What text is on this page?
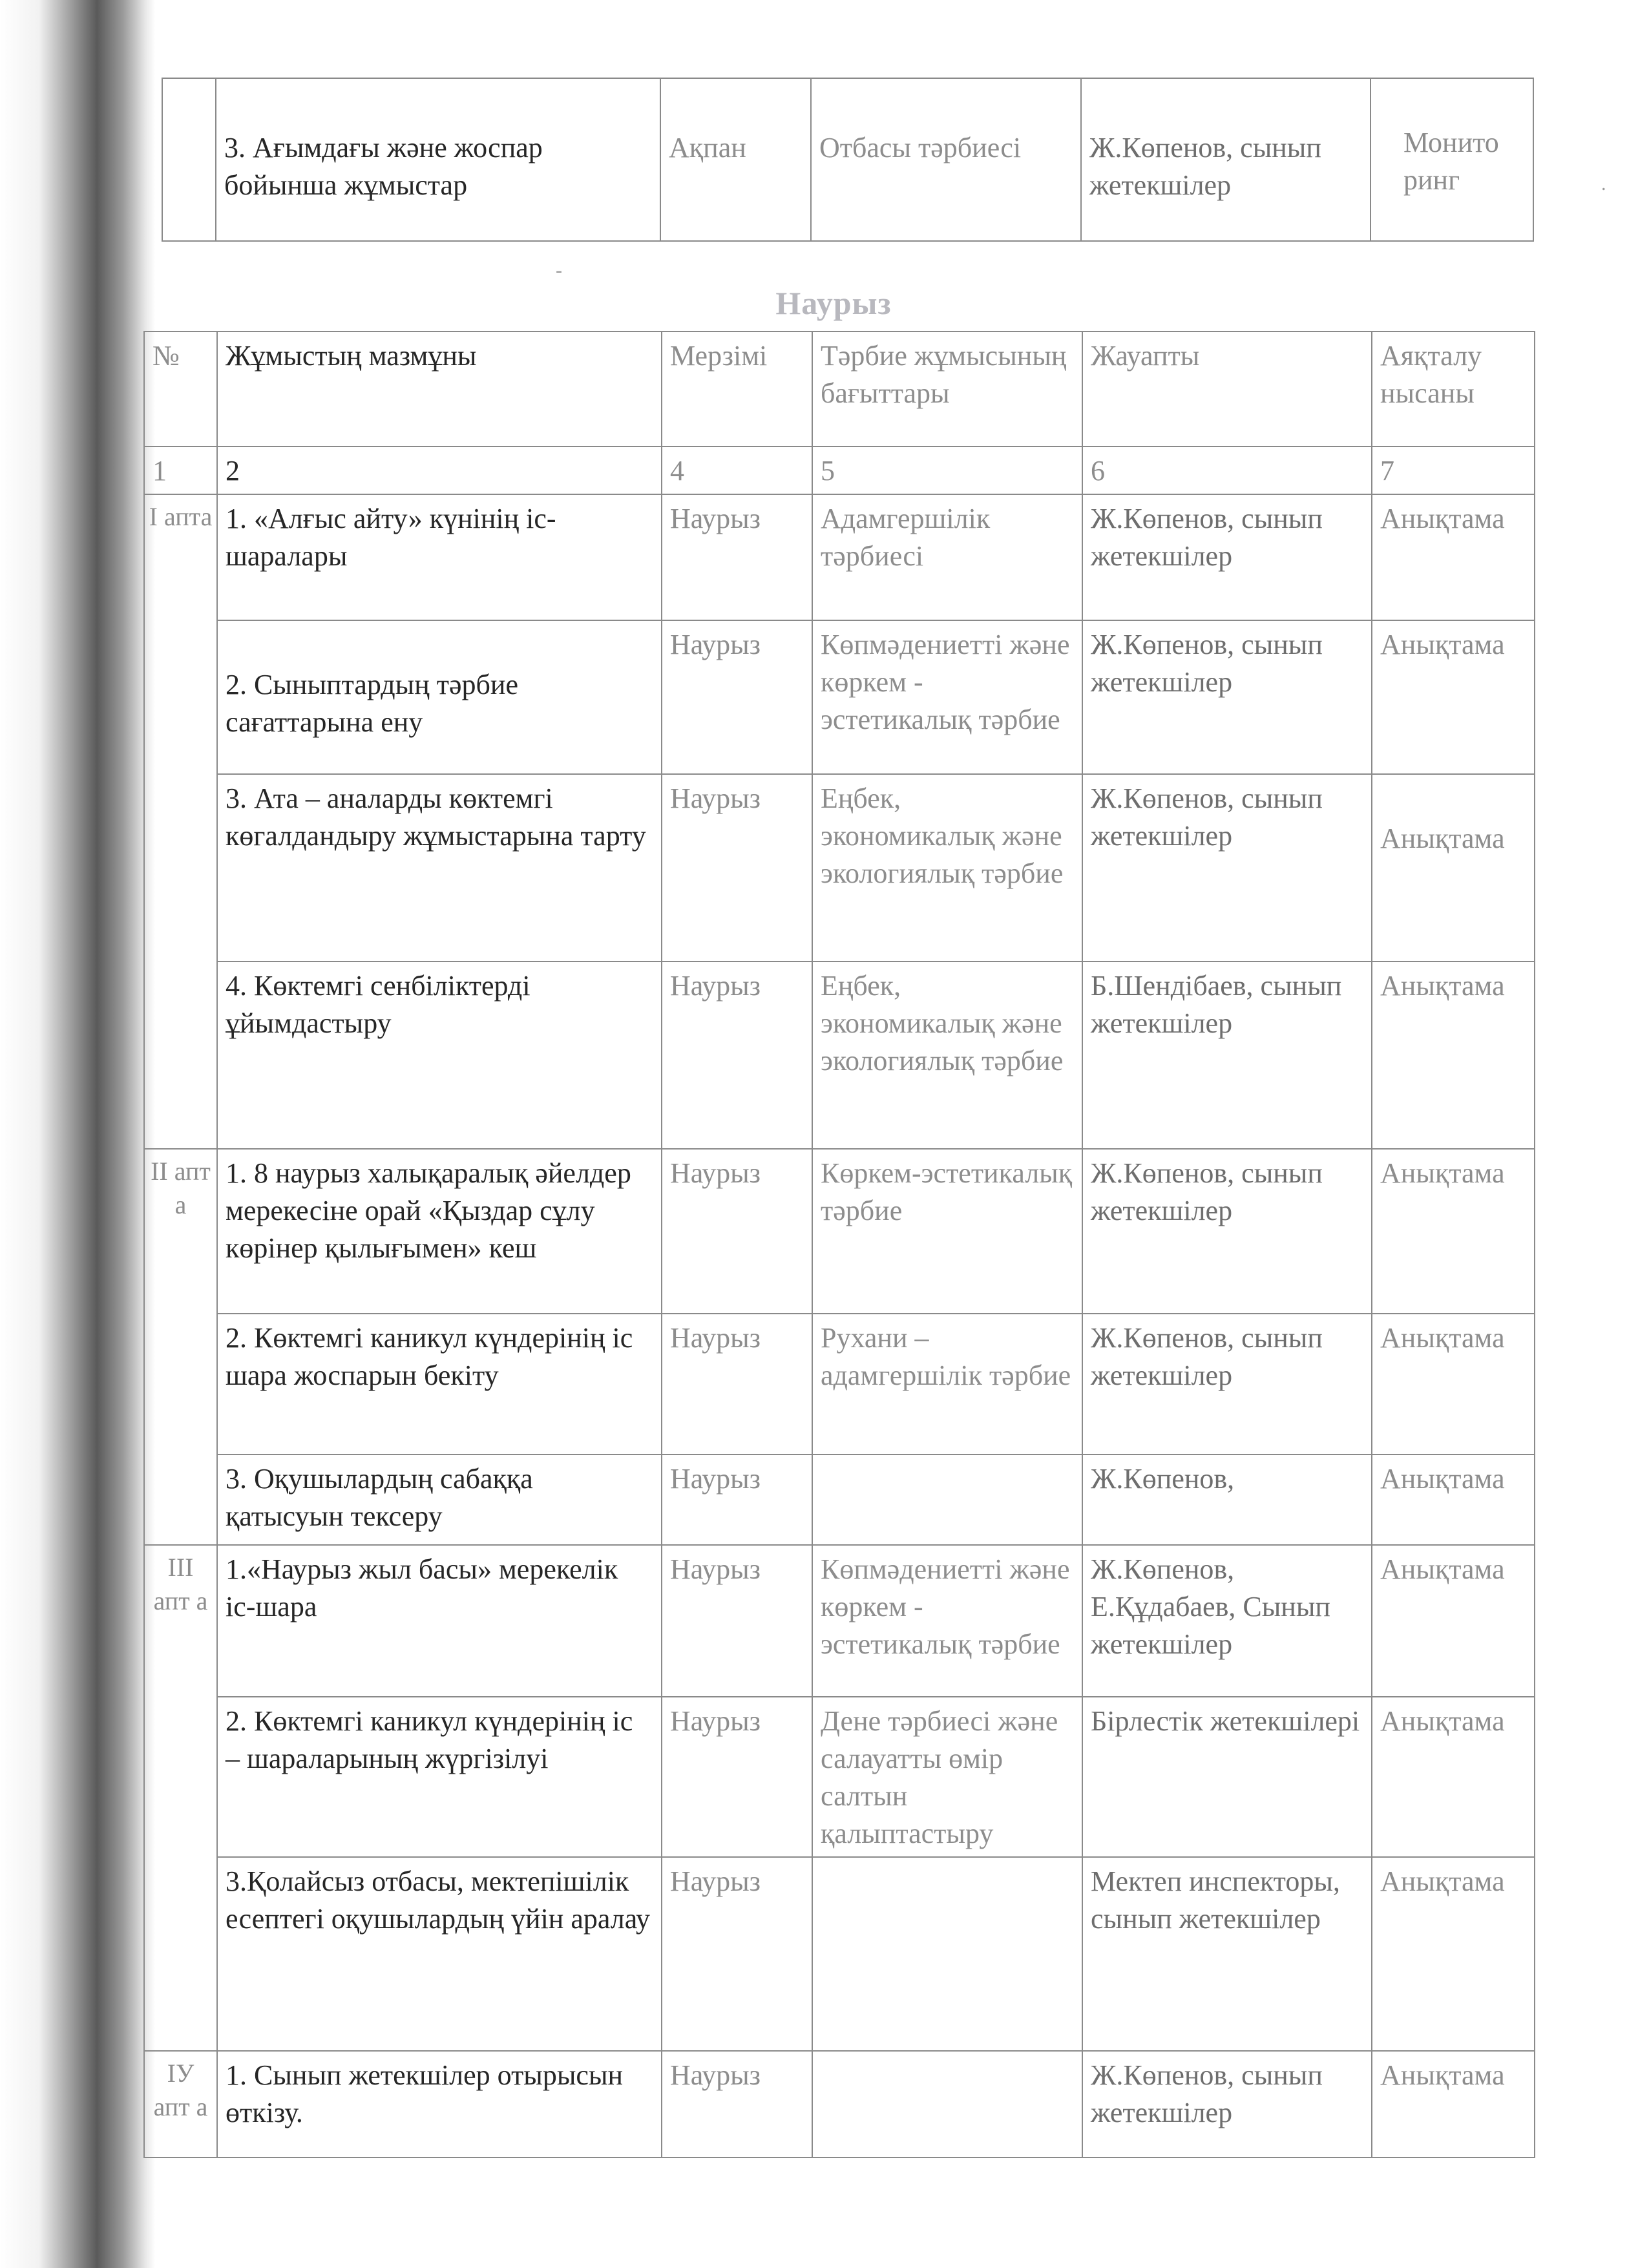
	3. Ағымдағы және жоспар бойынша жұмыстар	Ақпан	Отбасы тәрбиесі	Ж.Көпенов, сынып жетекшілер	Монито ринг
-
.
Наурыз
№	Жұмыстың мазмұны	Мерзімі	Тәрбие жұмысының бағыттары	Жауапты	Аяқталу нысаны
1	2	4	5	6	7
І апта	1. «Алғыс айту» күнінің іс-шаралары	Наурыз	Адамгершілік тәрбиесі	Ж.Көпенов, сынып жетекшілер	Анықтама
	2. Сыныптардың тәрбие сағаттарына ену	Наурыз	Көпмәдениетті және көркем - эстетикалық тәрбие	Ж.Көпенов, сынып жетекшілер	Анықтама
	3. Ата – аналарды көктемгі көгалдандыру жұмыстарына тарту	Наурыз	Еңбек, экономикалық және экологиялық тәрбие	Ж.Көпенов, сынып жетекшілер	Анықтама
	4. Көктемгі сенбіліктерді ұйымдастыру	Наурыз	Еңбек, экономикалық және экологиялық тәрбие	Б.Шендібаев, сынып жетекшілер	Анықтама
ІІ апт а	1. 8 наурыз халықаралық әйелдер мерекесіне орай «Қыздар сұлу көрінер қылығымен» кеш	Наурыз	Көркем-эстетикалық тәрбие	Ж.Көпенов, сынып жетекшілер	Анықтама
	2. Көктемгі каникул күндерінің іс шара жоспарын бекіту	Наурыз	Рухани – адамгершілік тәрбие	Ж.Көпенов, сынып жетекшілер	Анықтама
	3. Оқушылардың сабаққа қатысуын тексеру	Наурыз		Ж.Көпенов,	Анықтама
ІІІ апт а	1.«Наурыз жыл басы» мерекелік іс-шара	Наурыз	Көпмәдениетті және көркем - эстетикалық тәрбие	Ж.Көпенов, Е.Құдабаев, Сынып жетекшілер	Анықтама
	2. Көктемгі каникул күндерінің іс – шараларының жүргізілуі	Наурыз	Дене тәрбиесі және салауатты өмір салтын қалыптастыру	Бірлестік жетекшілері	Анықтама
	3.Қолайсыз отбасы, мектепішілік есептегі оқушылардың үйін аралау	Наурыз		Мектеп инспекторы, сынып жетекшілер	Анықтама
ІУ апт а	1. Сынып жетекшілер отырысын өткізу.	Наурыз		Ж.Көпенов, сынып жетекшілер	Анықтама
